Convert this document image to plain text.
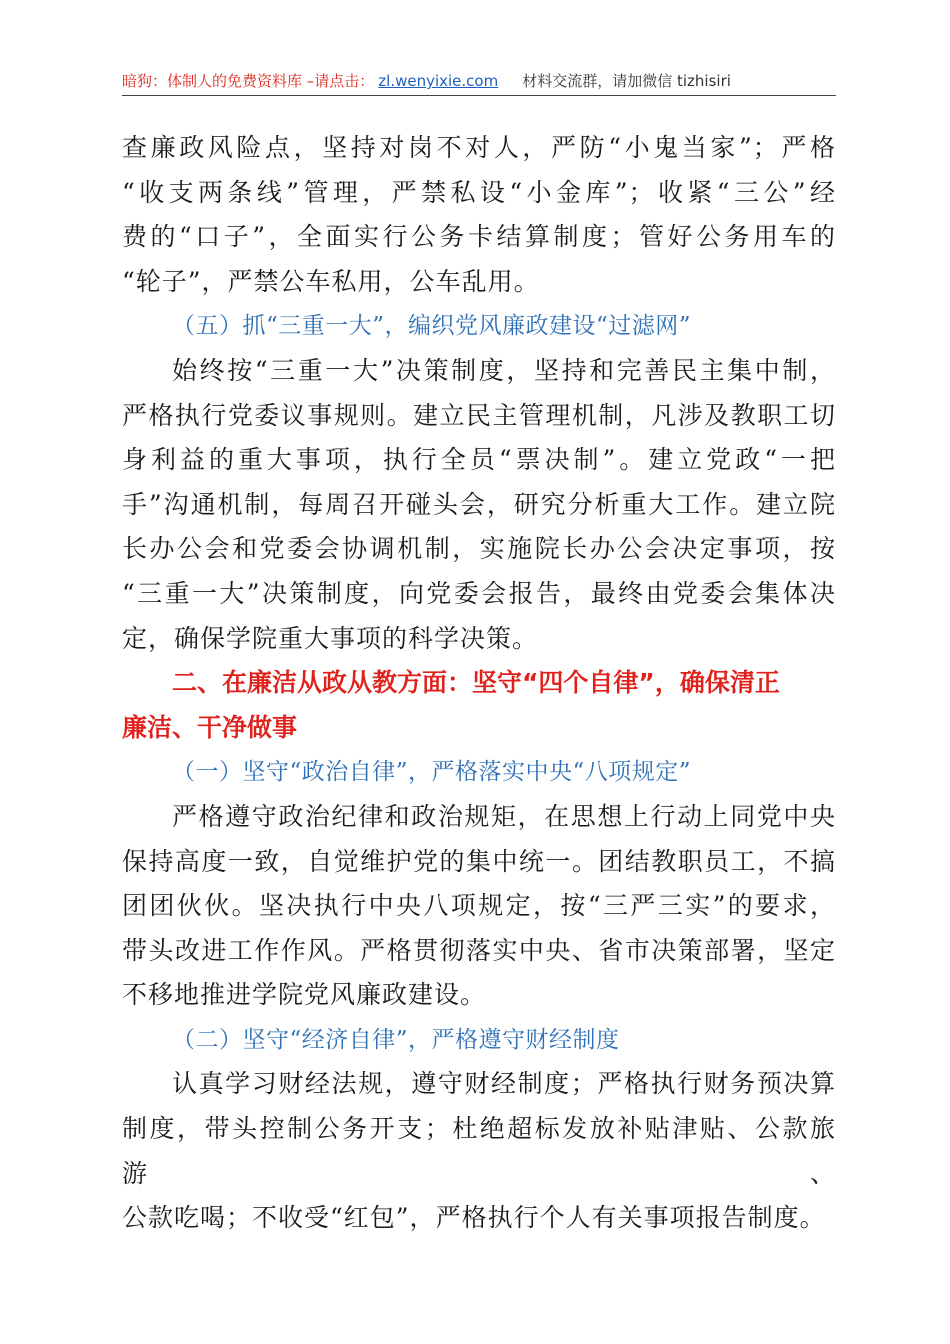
暗狗：体制人的免费资料库 –请点击： zl.wenyixie.com 材料交流群，请加微信 tizhisiri
查廉政风险点，坚持对岗不对人，严防“小鬼当家”；严格
“收支两条线”管理，严禁私设“小金库”；收紧“三公”经
费的“口子”，全面实行公务卡结算制度；管好公务用车的
“轮子”，严禁公车私用，公车乱用。
（五）抓“三重一大”，编织党风廉政建设“过滤网”
始终按“三重一大”决策制度，坚持和完善民主集中制，
严格执行党委议事规则。建立民主管理机制，凡涉及教职工切
身利益的重大事项，执行全员“票决制”。建立党政“一把
手”沟通机制，每周召开碰头会，研究分析重大工作。建立院
长办公会和党委会协调机制，实施院长办公会决定事项，按
“三重一大”决策制度，向党委会报告，最终由党委会集体决
定，确保学院重大事项的科学决策。
二、在廉洁从政从教方面：坚守“四个自律”，确保清正
廉洁、干净做事
（一）坚守“政治自律”，严格落实中央“八项规定”
严格遵守政治纪律和政治规矩，在思想上行动上同党中央
保持高度一致，自觉维护党的集中统一。团结教职员工，不搞
团团伙伙。坚决执行中央八项规定，按“三严三实”的要求，
带头改进工作作风。严格贯彻落实中央、省市决策部署，坚定
不移地推进学院党风廉政建设。
（二）坚守“经济自律”，严格遵守财经制度
认真学习财经法规，遵守财经制度；严格执行财务预决算
制度，带头控制公务开支；杜绝超标发放补贴津贴、公款旅游、
公款吃喝；不收受“红包”，严格执行个人有关事项报告制度。
